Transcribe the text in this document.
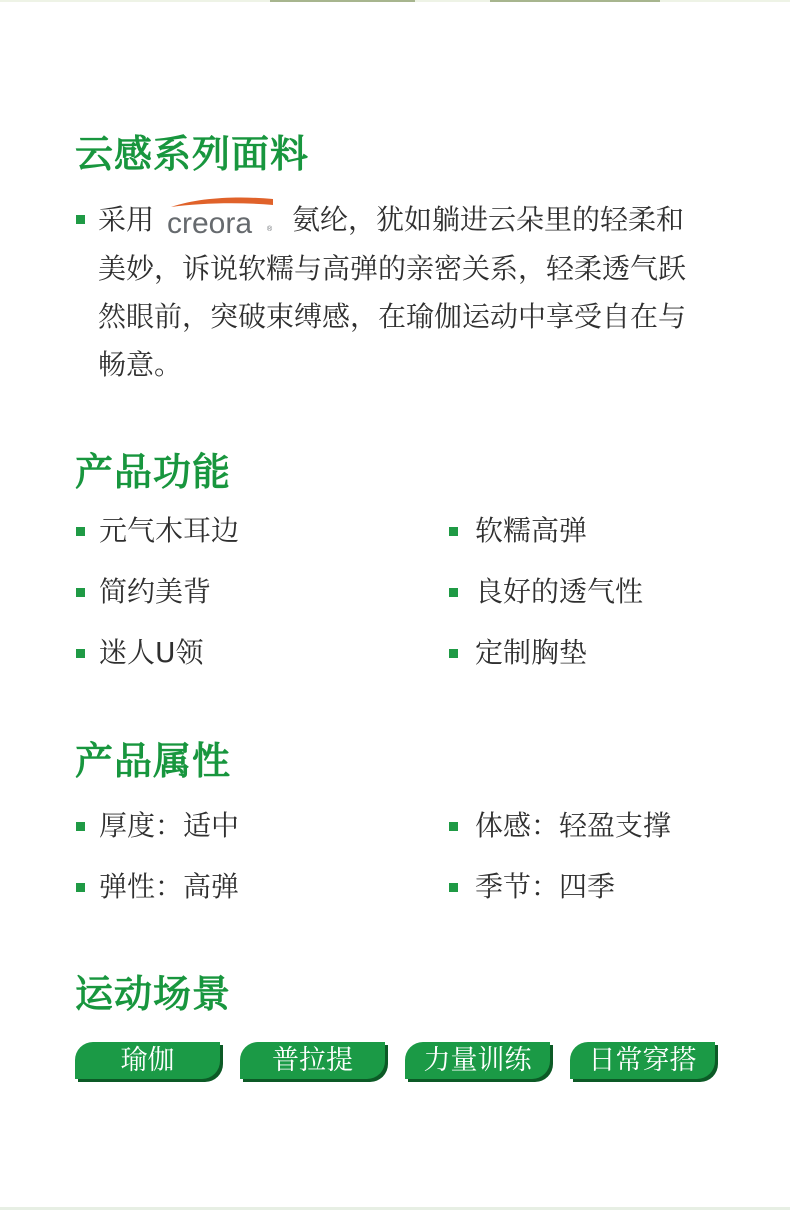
云感系列面料
采用 creora ® 氨纶，犹如躺进云朵里的轻柔和
美妙，诉说软糯与高弹的亲密关系，轻柔透气跃
然眼前，突破束缚感，在瑜伽运动中享受自在与
畅意。
产品功能
元气木耳边	软糯高弹
简约美背	良好的透气性
迷人U领	定制胸垫
产品属性
厚度：适中	体感：轻盈支撑
弹性：高弹	季节：四季
运动场景
瑜伽	普拉提	力量训练	日常穿搭
